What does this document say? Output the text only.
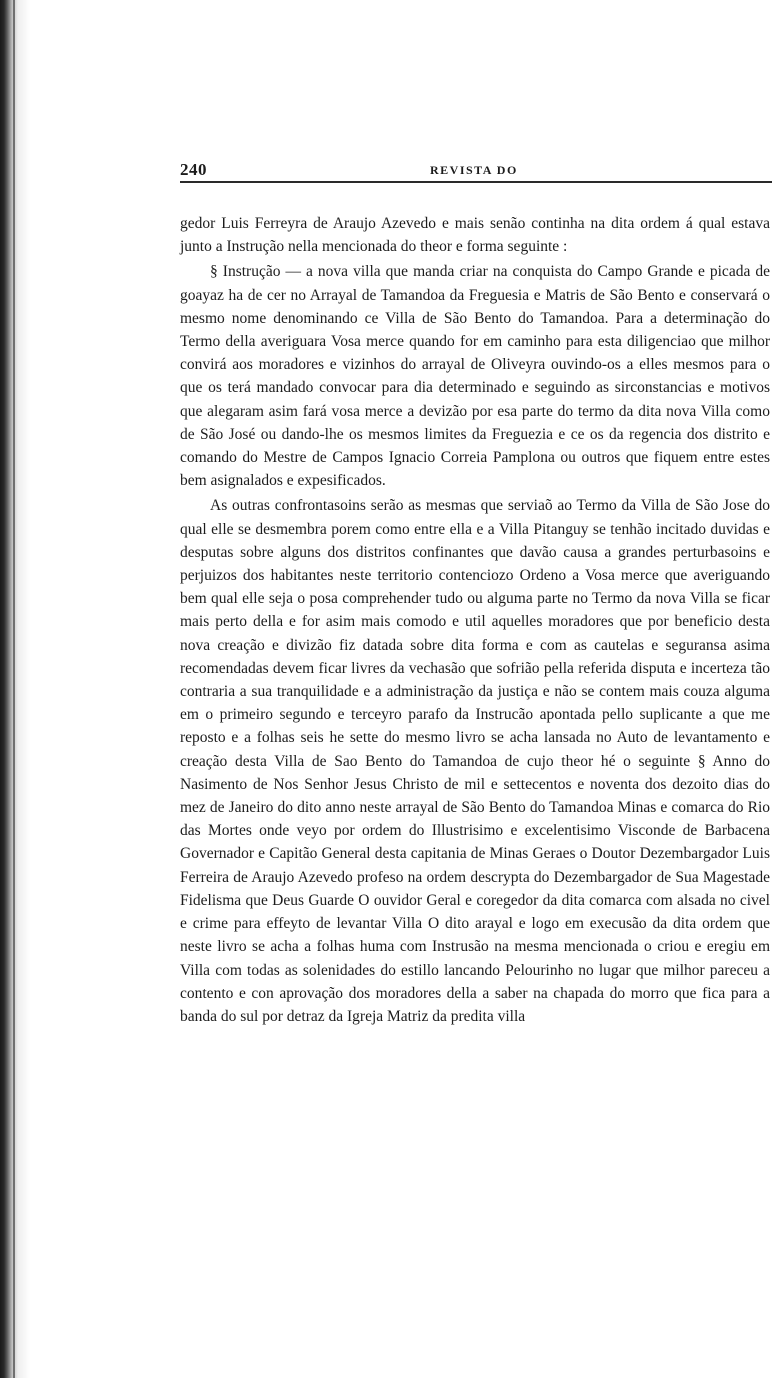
240	REVISTA DO

gedor Luis Ferreyra de Araujo Azevedo e mais senão continha na dita ordem á qual estava junto a Instrução nella mencionada do theor e forma seguinte :

§ Instrução — a nova villa que manda criar na conquista do Campo Grande e picada de goayaz ha de cer no Arrayal de Tamandoa da Freguesia e Matris de São Bento e conservará o mesmo nome denominando ce Villa de São Bento do Tamandoa. Para a determinação do Termo della averiguara Vosa merce quando for em caminho para esta diligenciao que milhor convirá aos moradores e vizinhos do arrayal de Oliveyra ouvindo-os a elles mesmos para o que os terá mandado convocar para dia determinado e seguindo as sirconstancias e motivos que alegaram asim fará vosa merce a devizão por esa parte do termo da dita nova Villa como de São José ou dando-lhe os mesmos limites da Freguezia e ce os da regencia dos distrito e comando do Mestre de Campos Ignacio Correia Pamplona ou outros que fiquem entre estes bem asignalados e expesificados.

As outras confrontasoins serão as mesmas que serviaõ ao Termo da Villa de São Jose do qual elle se desmembra porem como entre ella e a Villa Pitanguy se tenhão incitado duvidas e desputas sobre alguns dos distritos confinantes que davão causa a grandes perturbasoins e perjuizos dos habitantes neste territorio contenciozo Ordeno a Vosa merce que averiguando bem qual elle seja o posa comprehender tudo ou alguma parte no Termo da nova Villa se ficar mais perto della e for asim mais comodo e util aquelles moradores que por beneficio desta nova creação e divizão fiz datada sobre dita forma e com as cautelas e seguransa asima recomendadas devem ficar livres da vechasão que sofrião pella referida disputa e incerteza tão contraria a sua tranquilidade e a administração da justiça e não se contem mais couza alguma em o primeiro segundo e terceyro parafo da Instrucão apontada pello suplicante a que me reposto e a folhas seis he sette do mesmo livro se acha lansada no Auto de levantamento e creação desta Villa de Sao Bento do Tamandoa de cujo theor hé o seguinte § Anno do Nasimento de Nos Senhor Jesus Christo de mil e settecentos e noventa dos dezoito dias do mez de Janeiro do dito anno neste arrayal de São Bento do Tamandoa Minas e comarca do Rio das Mortes onde veyo por ordem do Illustrisimo e excelentisimo Visconde de Barbacena Governador e Capitão General desta capitania de Minas Geraes o Doutor Dezembargador Luis Ferreira de Araujo Azevedo profeso na ordem descrypta do Dezembargador de Sua Magestade Fidelisma que Deus Guarde O ouvidor Geral e coregedor da dita comarca com alsada no civel e crime para effeyto de levantar Villa O dito arayal e logo em execusão da dita ordem que neste livro se acha a folhas huma com Instrusão na mesma mencionada o criou e eregiu em Villa com todas as solenidades do estillo lancando Pelourinho no lugar que milhor pareceu a contento e con aprovação dos moradores della a saber na chapada do morro que fica para a banda do sul por detraz da Igreja Matriz da predita villa
